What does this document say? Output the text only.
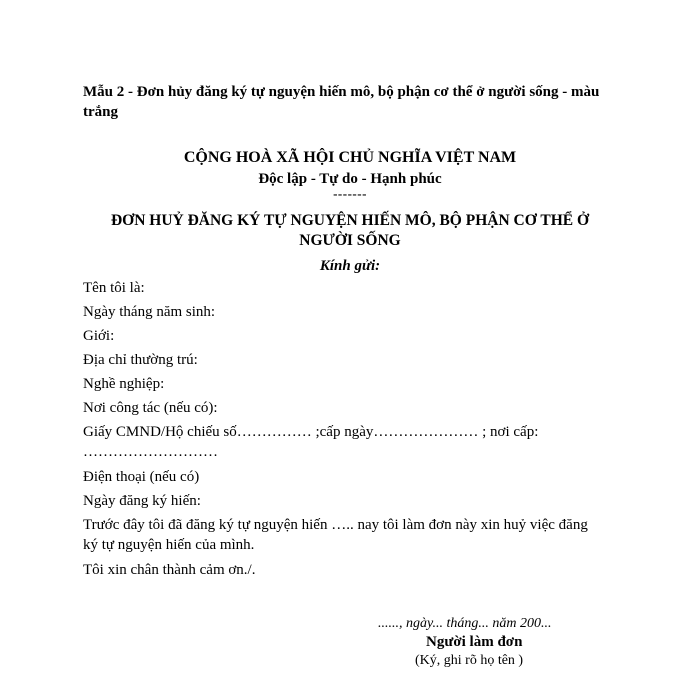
Mẫu 2 - Đơn hủy đăng ký tự nguyện hiến mô, bộ phận cơ thể ở người sống - màu trắng
CỘNG HOÀ XÃ HỘI CHỦ NGHĨA VIỆT NAM
Độc lập - Tự do - Hạnh phúc
-------
ĐƠN HUỶ ĐĂNG KÝ TỰ NGUYỆN HIẾN MÔ, BỘ PHẬN CƠ THỂ Ở NGƯỜI SỐNG
Kính gửi:
Tên tôi là:
Ngày tháng năm sinh:
Giới:
Địa chỉ thường trú:
Nghề nghiệp:
Nơi công tác (nếu có):
Giấy CMND/Hộ chiếu số…………… ;cấp ngày………………… ; nơi cấp: ………………………
Điện thoại (nếu có)
Ngày đăng ký hiến:
Trước đây tôi đã đăng ký tự nguyện hiến ….. nay tôi làm đơn này xin huỷ việc đăng ký tự nguyện hiến của mình.
Tôi xin chân thành cảm ơn./.
......, ngày... tháng... năm 200...
Người làm đơn
(Ký, ghi rõ họ tên )
